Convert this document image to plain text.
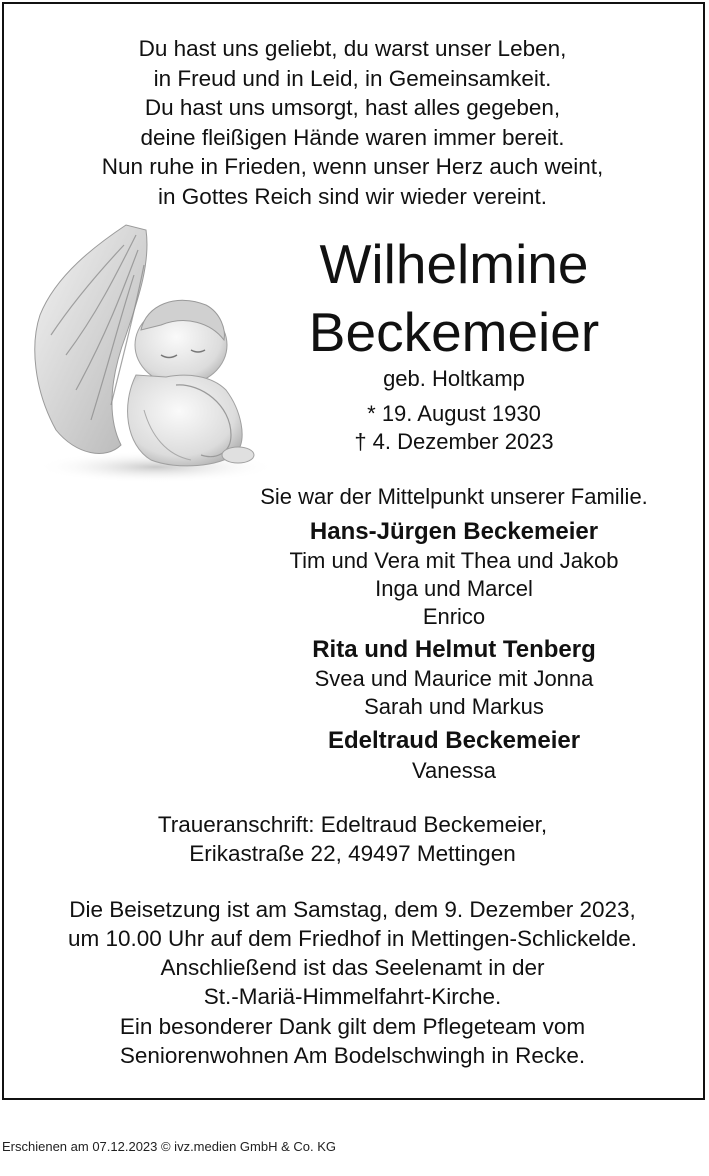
Du hast uns geliebt, du warst unser Leben,
in Freud und in Leid, in Gemeinsamkeit.
Du hast uns umsorgt, hast alles gegeben,
deine fleißigen Hände waren immer bereit.
Nun ruhe in Frieden, wenn unser Herz auch weint,
in Gottes Reich sind wir wieder vereint.
Wilhelmine
Beckemeier
geb. Holtkamp
* 19. August 1930
† 4. Dezember 2023
Sie war der Mittelpunkt unserer Familie.
Hans-Jürgen Beckemeier
Tim und Vera mit Thea und Jakob
Inga und Marcel
Enrico
Rita und Helmut Tenberg
Svea und Maurice mit Jonna
Sarah und Markus
Edeltraud Beckemeier
Vanessa
Traueranschrift: Edeltraud Beckemeier,
Erikastraße 22, 49497 Mettingen
Die Beisetzung ist am Samstag, dem 9. Dezember 2023,
um 10.00 Uhr auf dem Friedhof in Mettingen-Schlickelde.
Anschließend ist das Seelenamt in der
St.-Mariä-Himmelfahrt-Kirche.
Ein besonderer Dank gilt dem Pflegeteam vom
Seniorenwohnen Am Bodelschwingh in Recke.
Erschienen am 07.12.2023 © ivz.medien GmbH & Co. KG
